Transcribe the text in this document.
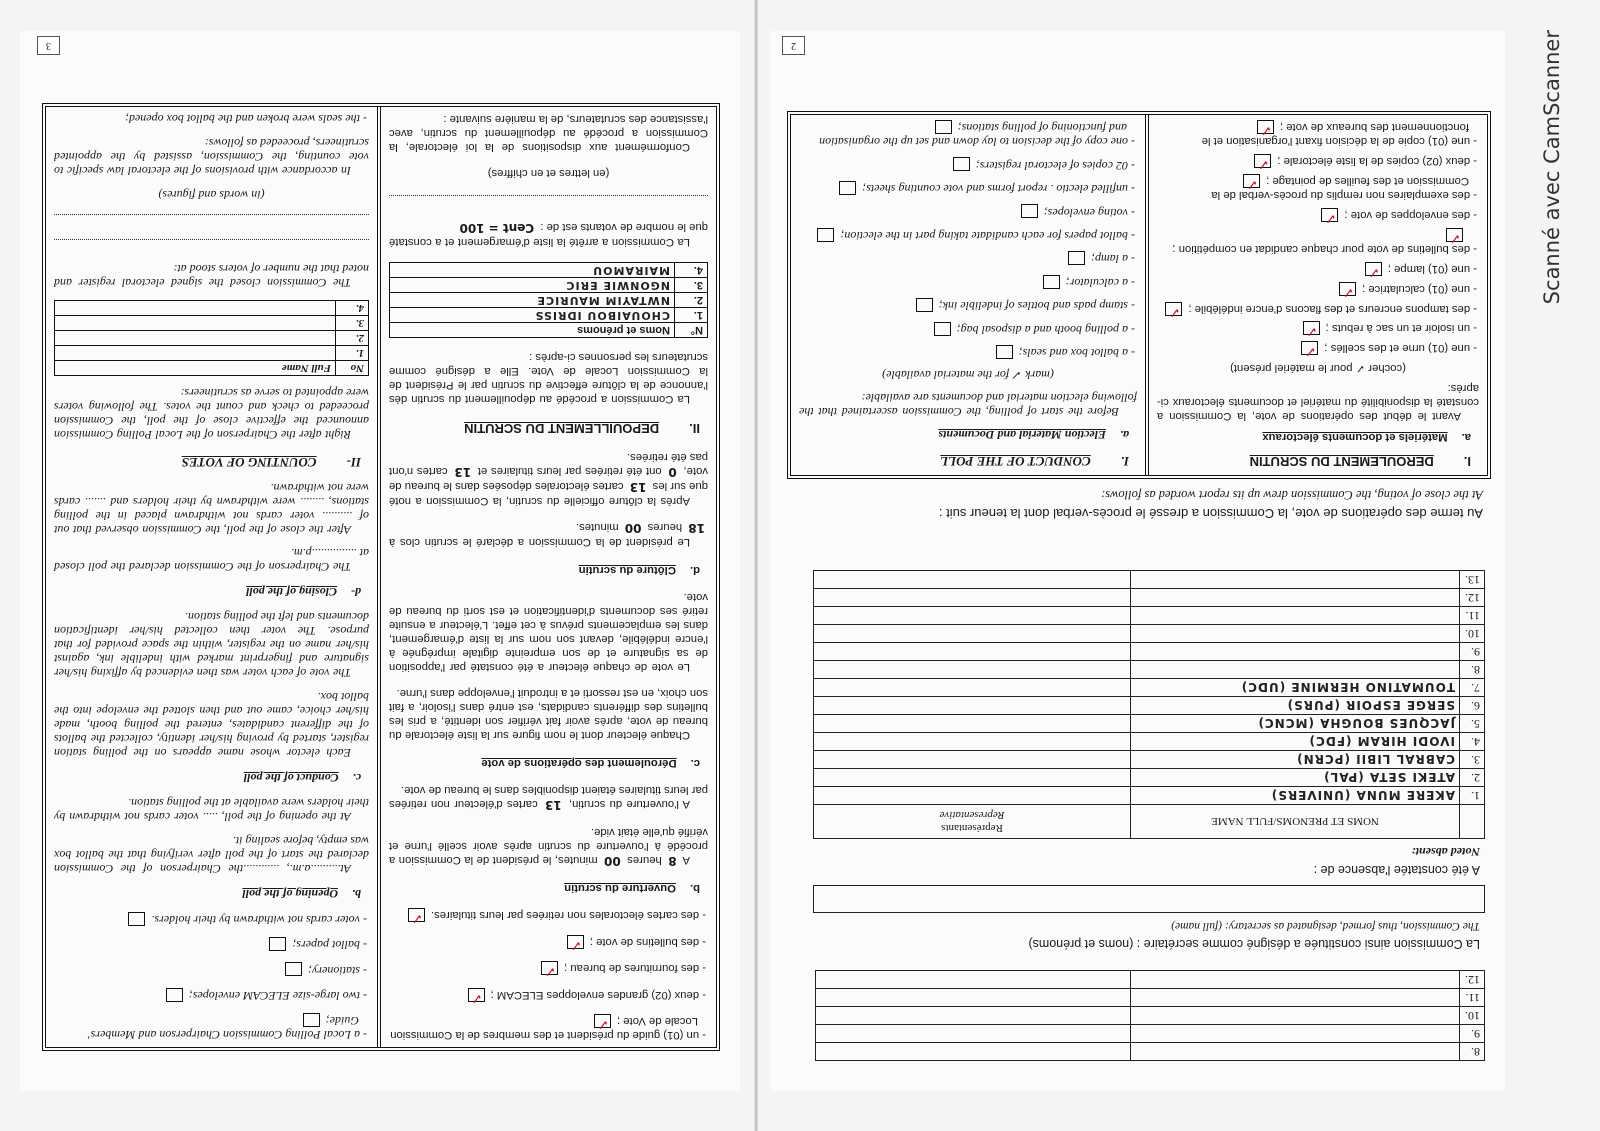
Scanné avec CamScanner
8.		
9.		
10.		
11.		
12.		
La Commission ainsi constituée a désigné comme secrétaire : (noms et prénoms)
The Commission, thus formed, designated as secretary: (full name)
A été constatée l'absence de :
Noted absent:
	NOMS ET PRENOMS/FULL NAME	Représentants
Representative

1.	AKERE MUNA (UNIVERS)	
2.	ATEKI SETA (PAL)	
3.	CABRAL LIBII (PCRN)	
4.	IVODI HIRAM (FDC)	
5.	JACQUES BOUGHA (MCNC)	
6.	SERGE ESPOIR (PURS)	
7.	TOUMATINO HERMINE (UDC)	
8.		
9.		
10.		
11.		
12.		
13.		
Au terme des opérations de vote, la Commission a dressé le procès-verbal dont la teneur suit :
At the close of voting, the Commission drew up its report worded as follows:
I.
DEROULEMENT DU SCRUTIN
a.
Matériels et documents électoraux
Avant le début des opérations de vote, la Commission a constaté la disponibilité du matériel et documents électoraux ci-après:
(cocher ✓ pour le matériel présent)
- une (01) urne et des scellés ;
✓
- un isoloir et un sac à rebuts ;
✓
- des tampons encreurs et des flacons d'encre indélébile ;
✓
- une (01) calculatrice ;
✓
- une (01) lampe ;
✓
- des bulletins de vote pour chaque candidat en compétition ;
✓
- des enveloppes de vote ;
✓
- des exemplaires non remplis du procès-verbal de la Commission et des feuilles de pointage ;
✓
- deux (02) copies de la liste électorale ;
✓
- une (01) copie de la décision fixant l'organisation et le fonctionnement des bureaux de vote ;
✓
I.
CONDUCT OF THE POLL
a.
Election Material and Documents
Before the start of polling, the Commission ascertained that the following election material and documents are available:
(mark ✓ for the material available)
- a ballot box and seals;
- a polling booth and a disposal bag;
- stamp pads and bottles of indelible ink;
- a calculator;
- a lamp;
- ballot papers for each candidate taking part in the election;
- voting envelopes;
- unfilled electio . report forms and vote counting sheets;
- 02 copies of electoral registers;
- one copy of the decision to lay down and set up the organisation and functioning of polling stations;
2
- un (01) guide du président et des membres de la Commission Locale de Vote ;
✓
- deux (02) grandes enveloppes ELECAM ;
✓
- des fournitures de bureau ;
✓
- des bulletins de vote ;
✓
- des cartes électorales non retirées par leurs titulaires.
✓
b.
Ouverture du scrutin
A 8 heures 00 minutes, le président de la Commission a procédé à l'ouverture du scrutin après avoir scellé l'urne et vérifié qu'elle était vide.
A l'ouverture du scrutin, 13 cartes d'électeur non retirées par leurs titulaires étaient disponibles dans le bureau de vote.
c.
Déroulement des opérations de vote
Chaque électeur dont le nom figure sur la liste électorale du bureau de vote, après avoir fait vérifier son identité, a pris les bulletins des différents candidats, est entré dans l'isoloir, a fait son choix, en est ressorti et a introduit l'enveloppe dans l'urne.
Le vote de chaque électeur a été constaté par l'apposition de sa signature et de son empreinte digitale imprégnée à l'encre indélébile, devant son nom sur la liste d'émargement, dans les emplacements prévus à cet effet. L'électeur a ensuite retiré ses documents d'identification et est sorti du bureau de vote.
d.
Clôture du scrutin
Le président de la Commission a déclaré le scrutin clos à 18 heures 00 minutes.
Après la clôture officielle du scrutin, la Commission a noté que sur les 13 cartes électorales déposées dans le bureau de vote, 0 ont été retirées par leurs titulaires et 13 cartes n'ont pas été retirées.
II.
DEPOUILLEMENT DU SCRUTIN
La Commission a procédé au dépouillement du scrutin dès l'annonce de la clôture effective du scrutin par le Président de la Commission Locale de Vote. Elle a désigné comme scrutateurs les personnes ci-après :
N°	Noms et prénoms
1.	CHOUAIBOU IDRISS
2.	NWTAYIM MAURICE
3.	NGONWIE ERIC
4.	MAIRAMOU
La Commission a arrêté la liste d'émargement et a constaté que le nombre de votants est de : Cent = 100
(en lettres et en chiffres)
Conformément aux dispositions de la loi électorale, la Commission a procédé au dépouillement du scrutin, avec l'assistance des scrutateurs, de la manière suivante :
- a Local Polling Commission Chairperson and Members' Guide;
- two large-size ELECAM envelopes;
- stationery;
- ballot papers;
- voter cards not withdrawn by their holders.
b.
Opening of the poll
At..........a.m., ............the Chairperson of the Commission declared the start of the poll after verifying that the ballot box was empty, before sealing it.
At the opening of the poll, ..... voter cards not withdrawn by their holders were available at the polling station.
c.
Conduct of the poll
Each elector whose name appears on the polling station register, started by proving his/her identity, collected the ballots of the different candidates, entered the polling booth, made his/her choice, came out and then slotted the envelope into the ballot box.
The vote of each voter was then evidenced by affixing his/her signature and fingerprint marked with indelible ink, against his/her name on the register, within the space provided for that purpose. The voter then collected his/her identification documents and left the polling station.
d-
Closing of the poll
The Chairperson of the Commission declared the poll closed at ...............p.m.
After the close of the poll, the Commission observed that out of .......... voter cards not withdrawn placed in the polling stations, ........ were withdrawn by their holders and ....... cards were not withdrawn.
II-
COUNTING OF VOTES
Right after the Chairperson of the Local Polling Commission announced the effective close of the poll, the Commission proceeded to check and count the votes. The following voters were appointed to serve as scrutineers:
No	Full Name
1.	
2.	
3.	
4.	
The Commission closed the signed electoral register and noted that the number of voters stood at:
(in words and figures)
In accordance with provisions of the electoral law specific to vote counting, the Commission, assisted by the appointed scrutineers, proceeded as follows:
- the seals were broken and the ballot box opened;
3
